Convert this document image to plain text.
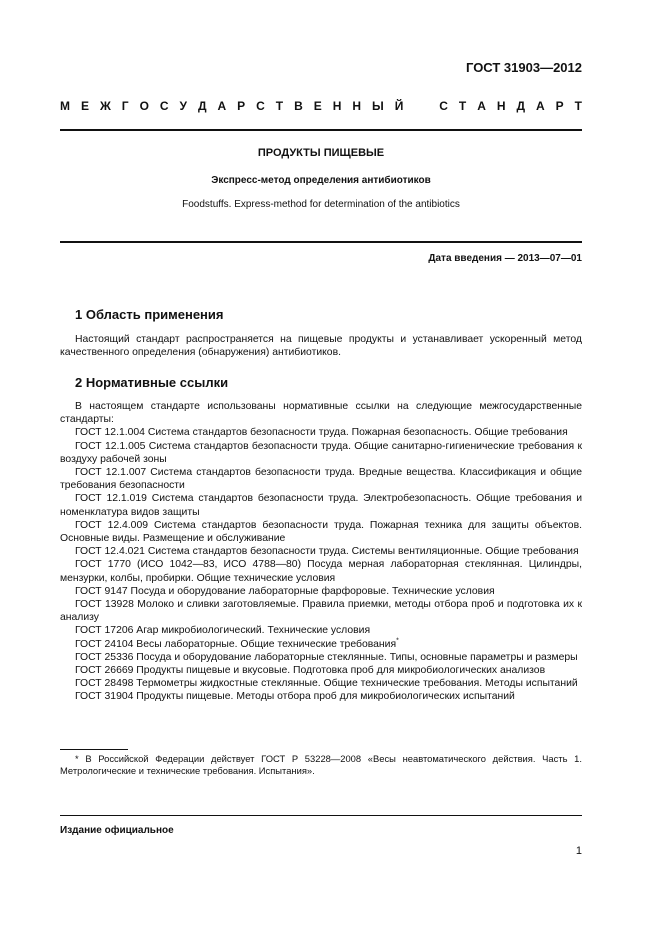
ГОСТ 31903—2012
М Е Ж Г О С У Д А Р С Т В Е Н Н Ы Й	С Т А Н Д А Р Т
ПРОДУКТЫ ПИЩЕВЫЕ
Экспресс-метод определения антибиотиков
Foodstuffs. Express-method for determination of the antibiotics
Дата введения — 2013—07—01
1 Область применения

Настоящий стандарт распространяется на пищевые продукты и устанавливает ускоренный метод качественного определения (обнаружения) антибиотиков.

2 Нормативные ссылки

В настоящем стандарте использованы нормативные ссылки на следующие межгосударственные стандарты:

ГОСТ 12.1.004 Система стандартов безопасности труда. Пожарная безопасность. Общие требования

ГОСТ 12.1.005 Система стандартов безопасности труда. Общие санитарно-гигиенические требования к воздуху рабочей зоны

ГОСТ 12.1.007 Система стандартов безопасности труда. Вредные вещества. Классификация и общие требования безопасности

ГОСТ 12.1.019 Система стандартов безопасности труда. Электробезопасность. Общие требования и номенклатура видов защиты

ГОСТ 12.4.009 Система стандартов безопасности труда. Пожарная техника для защиты объектов. Основные виды. Размещение и обслуживание

ГОСТ 12.4.021 Система стандартов безопасности труда. Системы вентиляционные. Общие требования

ГОСТ 1770 (ИСО 1042—83, ИСО 4788—80) Посуда мерная лабораторная стеклянная. Цилиндры, мензурки, колбы, пробирки. Общие технические условия

ГОСТ 9147 Посуда и оборудование лабораторные фарфоровые. Технические условия

ГОСТ 13928 Молоко и сливки заготовляемые. Правила приемки, методы отбора проб и подготовка их к анализу

ГОСТ 17206 Агар микробиологический. Технические условия

ГОСТ 24104 Весы лабораторные. Общие технические требования*

ГОСТ 25336 Посуда и оборудование лабораторные стеклянные. Типы, основные параметры и размеры

ГОСТ 26669 Продукты пищевые и вкусовые. Подготовка проб для микробиологических анализов

ГОСТ 28498 Термометры жидкостные стеклянные. Общие технические требования. Методы испытаний

ГОСТ 31904 Продукты пищевые. Методы отбора проб для микробиологических испытаний

* В Российской Федерации действует ГОСТ Р 53228—2008 «Весы неавтоматического действия. Часть 1. Метрологические и технические требования. Испытания».
Издание официальное
1
